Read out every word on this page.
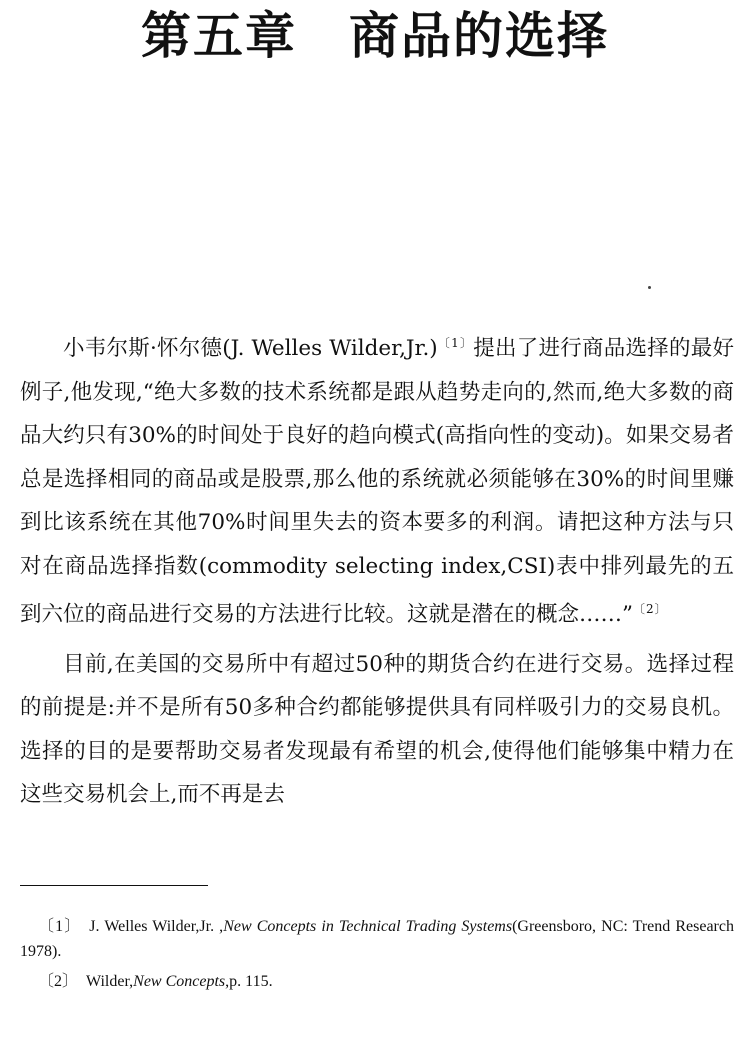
第五章 商品的选择

小韦尔斯·怀尔德(J. Welles Wilder,Jr.)$^{〔1〕}$提出了进行商品选择的最好例子,他发现,“绝大多数的技术系统都是跟从趋势走向的,然而,绝大多数的商品大约只有30%的时间处于良好的趋向模式(高指向性的变动)。如果交易者总是选择相同的商品或是股票,那么他的系统就必须能够在30%的时间里赚到比该系统在其他70%时间里失去的资本要多的利润。请把这种方法与只对在商品选择指数(commodity selecting index,CSI)表中排列最先的五到六位的商品进行交易的方法进行比较。这就是潜在的概念……”$^{〔2〕}$

目前,在美国的交易所中有超过50种的期货合约在进行交易。选择过程的前提是:并不是所有50多种合约都能够提供具有同样吸引力的交易良机。选择的目的是要帮助交易者发现最有希望的机会,使得他们能够集中精力在这些交易机会上,而不再是去

〔1〕 J. Welles Wilder,Jr. ,New Concepts in Technical Trading Systems(Greensboro, NC: Trend Research 1978).

〔2〕 Wilder,New Concepts,p. 115.
